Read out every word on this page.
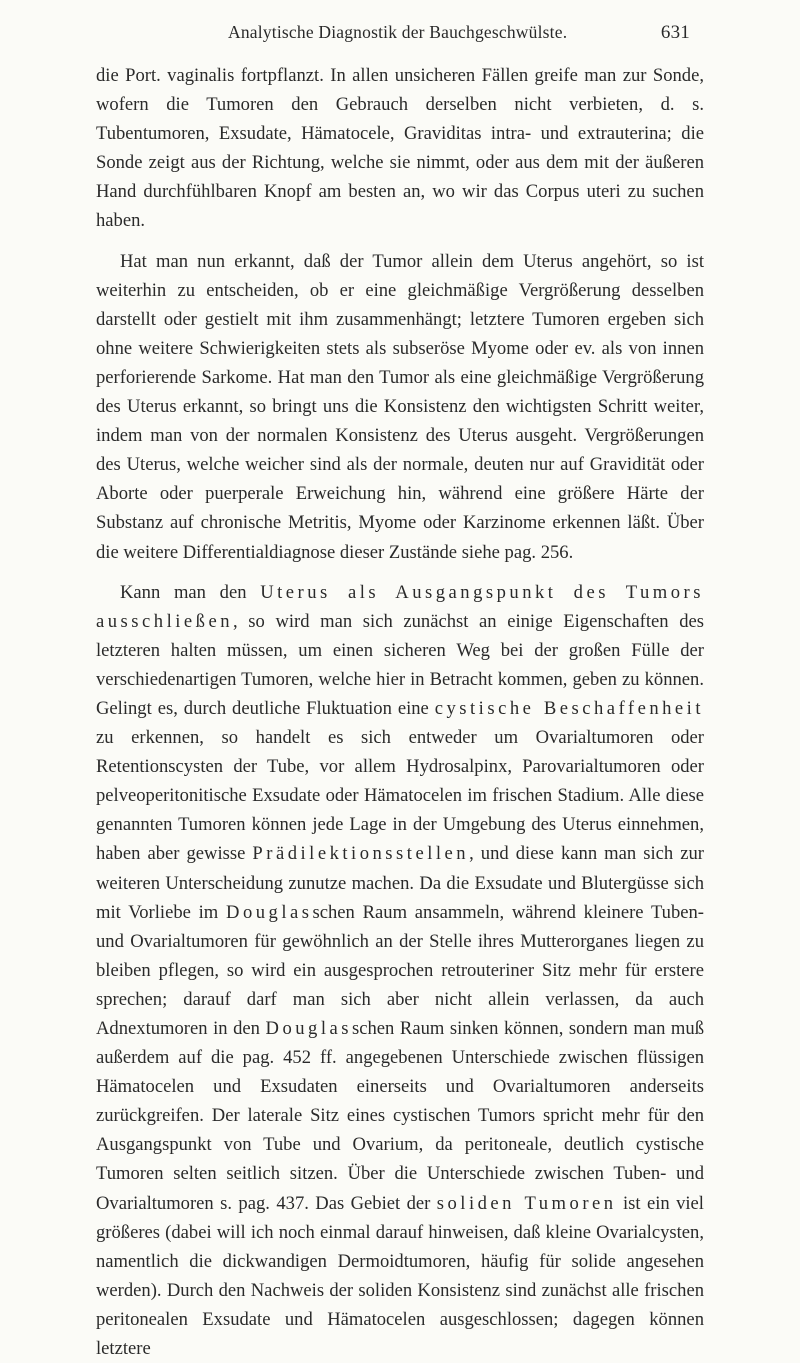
Analytische Diagnostik der Bauchgeschwülste.	631

die Port. vaginalis fortpflanzt. In allen unsicheren Fällen greife man zur Sonde, wofern die Tumoren den Gebrauch derselben nicht verbieten, d. s. Tubentumoren, Exsudate, Hämatocele, Graviditas intra- und extrauterina; die Sonde zeigt aus der Richtung, welche sie nimmt, oder aus dem mit der äußeren Hand durchfühlbaren Knopf am besten an, wo wir das Corpus uteri zu suchen haben.

Hat man nun erkannt, daß der Tumor allein dem Uterus angehört, so ist weiterhin zu entscheiden, ob er eine gleichmäßige Vergrößerung desselben darstellt oder gestielt mit ihm zusammenhängt; letztere Tumoren ergeben sich ohne weitere Schwierigkeiten stets als subseröse Myome oder ev. als von innen perforierende Sarkome. Hat man den Tumor als eine gleichmäßige Vergrößerung des Uterus erkannt, so bringt uns die Konsistenz den wichtigsten Schritt weiter, indem man von der normalen Konsistenz des Uterus ausgeht. Vergrößerungen des Uterus, welche weicher sind als der normale, deuten nur auf Gravidität oder Aborte oder puerperale Erweichung hin, während eine größere Härte der Substanz auf chronische Metritis, Myome oder Karzinome erkennen läßt. Über die weitere Differentialdiagnose dieser Zustände siehe pag. 256.

Kann man den Uterus als Ausgangspunkt des Tumors ausschließen, so wird man sich zunächst an einige Eigenschaften des letzteren halten müssen, um einen sicheren Weg bei der großen Fülle der verschiedenartigen Tumoren, welche hier in Betracht kommen, geben zu können. Gelingt es, durch deutliche Fluktuation eine cystische Beschaffenheit zu erkennen, so handelt es sich entweder um Ovarialtumoren oder Retentionscysten der Tube, vor allem Hydrosalpinx, Parovarialtumoren oder pelveoperitonitische Exsudate oder Hämatocelen im frischen Stadium. Alle diese genannten Tumoren können jede Lage in der Umgebung des Uterus einnehmen, haben aber gewisse Prädilektionsstellen, und diese kann man sich zur weiteren Unterscheidung zunutze machen. Da die Exsudate und Blutergüsse sich mit Vorliebe im Douglasschen Raum ansammeln, während kleinere Tuben- und Ovarialtumoren für gewöhnlich an der Stelle ihres Mutterorganes liegen zu bleiben pflegen, so wird ein ausgesprochen retrouteriner Sitz mehr für erstere sprechen; darauf darf man sich aber nicht allein verlassen, da auch Adnextumoren in den Douglasschen Raum sinken können, sondern man muß außerdem auf die pag. 452 ff. angegebenen Unterschiede zwischen flüssigen Hämatocelen und Exsudaten einerseits und Ovarialtumoren anderseits zurückgreifen. Der laterale Sitz eines cystischen Tumors spricht mehr für den Ausgangspunkt von Tube und Ovarium, da peritoneale, deutlich cystische Tumoren selten seitlich sitzen. Über die Unterschiede zwischen Tuben- und Ovarialtumoren s. pag. 437. Das Gebiet der soliden Tumoren ist ein viel größeres (dabei will ich noch einmal darauf hinweisen, daß kleine Ovarialcysten, namentlich die dickwandigen Dermoidtumoren, häufig für solide angesehen werden). Durch den Nachweis der soliden Konsistenz sind zunächst alle frischen peritonealen Exsudate und Hämatocelen ausgeschlossen; dagegen können letztere
